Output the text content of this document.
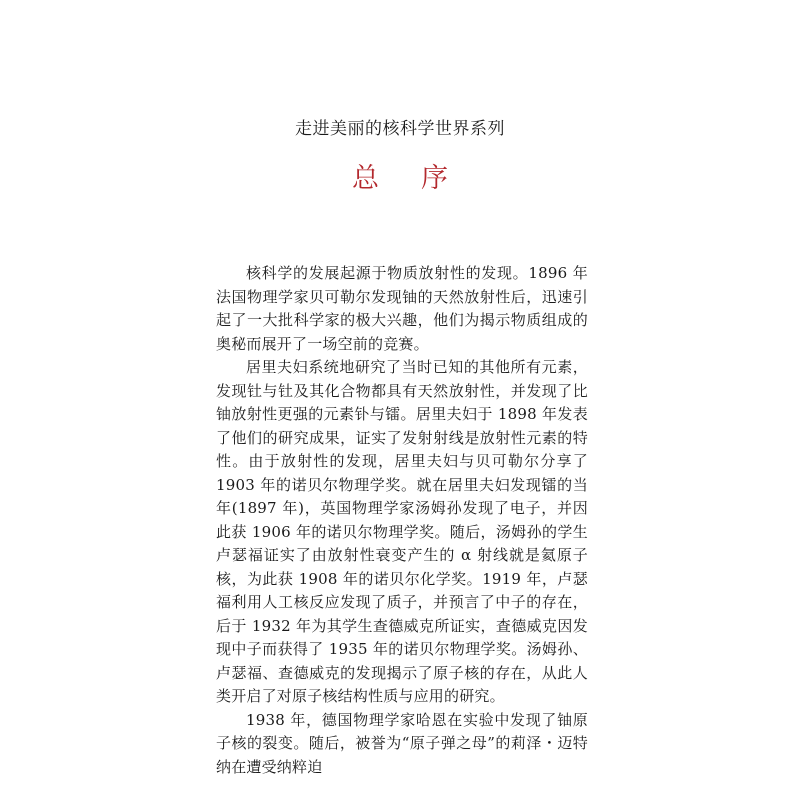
走进美丽的核科学世界系列
总 序

核科学的发展起源于物质放射性的发现。1896 年法国物理学家贝可勒尔发现铀的天然放射性后，迅速引起了一大批科学家的极大兴趣，他们为揭示物质组成的奥秘而展开了一场空前的竞赛。

居里夫妇系统地研究了当时已知的其他所有元素，发现钍与钍及其化合物都具有天然放射性，并发现了比铀放射性更强的元素钋与镭。居里夫妇于 1898 年发表了他们的研究成果，证实了发射射线是放射性元素的特性。由于放射性的发现，居里夫妇与贝可勒尔分享了 1903 年的诺贝尔物理学奖。就在居里夫妇发现镭的当年(1897 年)，英国物理学家汤姆孙发现了电子，并因此获 1906 年的诺贝尔物理学奖。随后，汤姆孙的学生卢瑟福证实了由放射性衰变产生的 α 射线就是氦原子核，为此获 1908 年的诺贝尔化学奖。1919 年，卢瑟福利用人工核反应发现了质子，并预言了中子的存在，后于 1932 年为其学生查德威克所证实，查德威克因发现中子而获得了 1935 年的诺贝尔物理学奖。汤姆孙、卢瑟福、查德威克的发现揭示了原子核的存在，从此人类开启了对原子核结构性质与应用的研究。

1938 年，德国物理学家哈恩在实验中发现了铀原子核的裂变。随后，被誉为“原子弹之母”的莉泽・迈特纳在遭受纳粹迫
